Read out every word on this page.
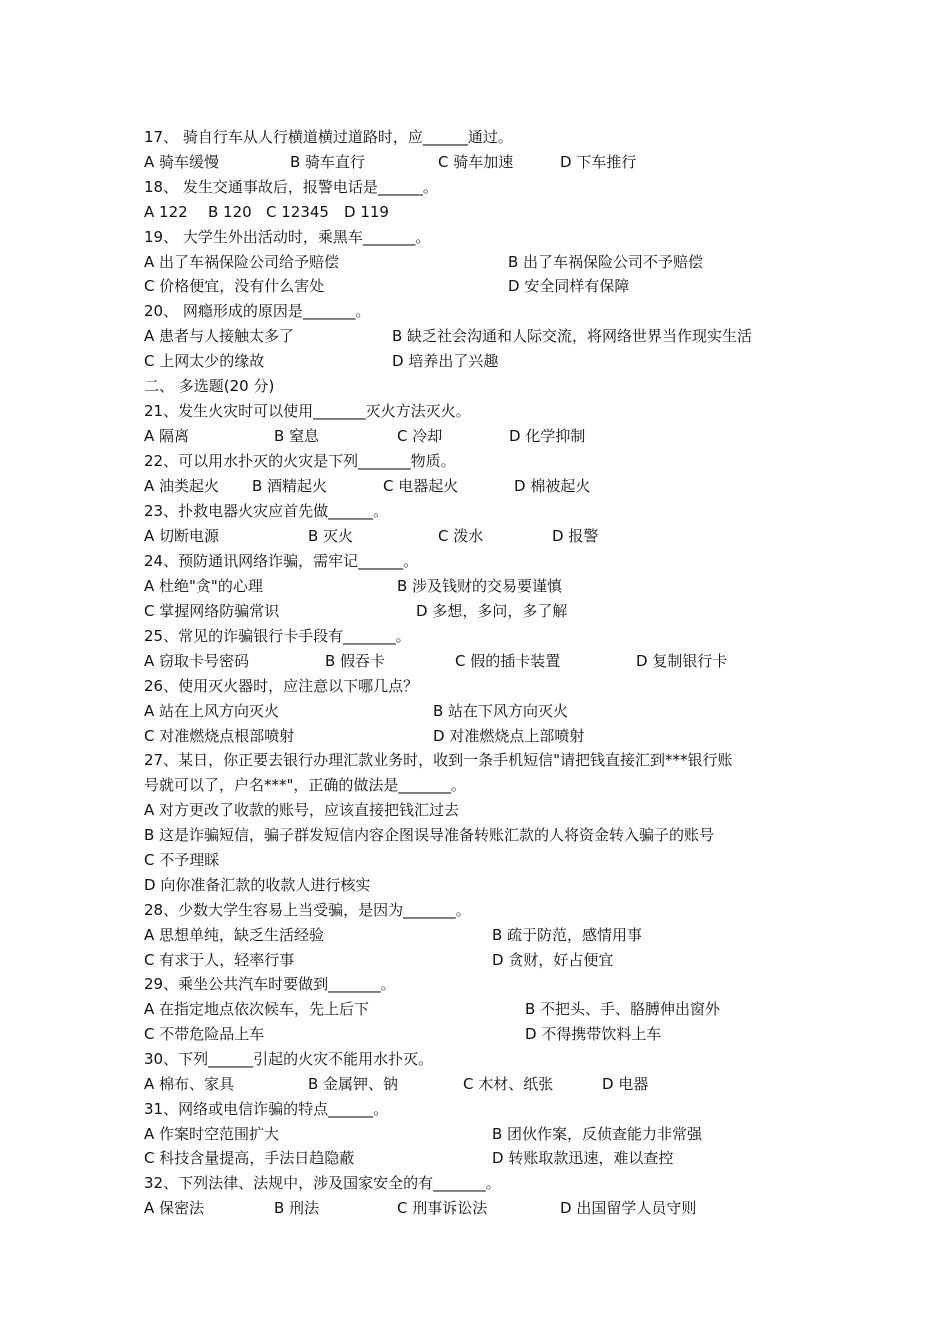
17、 骑自行车从人行横道横过道路时，应______通过。
A 骑车缓慢	B 骑车直行	C 骑车加速	D 下车推行
18、 发生交通事故后，报警电话是______。
A 122 B 120 C 12345 D 119
19、 大学生外出活动时，乘黑车_______。
A 出了车祸保险公司给予赔偿	B 出了车祸保险公司不予赔偿
C 价格便宜，没有什么害处	D 安全同样有保障
20、 网瘾形成的原因是_______。
A 患者与人接触太多了	B 缺乏社会沟通和人际交流，将网络世界当作现实生活
C 上网太少的缘故	D 培养出了兴趣
二、 多选题(20 分)
21、发生火灾时可以使用_______灭火方法灭火。
A 隔离	B 窒息	C 冷却	D 化学抑制
22、可以用水扑灭的火灾是下列_______物质。
A 油类起火 B 酒精起火	C 电器起火	D 棉被起火
23、扑救电器火灾应首先做______。
A 切断电源	B 灭火	C 泼水	D 报警
24、预防通讯网络诈骗，需牢记______。
A 杜绝"贪"的心理	B 涉及钱财的交易要谨慎
C 掌握网络防骗常识	D 多想，多问，多了解
25、常见的诈骗银行卡手段有_______。
A 窃取卡号密码	B 假吞卡	C 假的插卡装置	D 复制银行卡
26、使用灭火器时，应注意以下哪几点？
A 站在上风方向灭火	B 站在下风方向灭火
C 对准燃烧点根部喷射	D 对准燃烧点上部喷射
27、某日，你正要去银行办理汇款业务时，收到一条手机短信"请把钱直接汇到***银行账
号就可以了，户名***"，正确的做法是_______。
A 对方更改了收款的账号，应该直接把钱汇过去
B 这是诈骗短信，骗子群发短信内容企图误导准备转账汇款的人将资金转入骗子的账号
C 不予理睬
D 向你准备汇款的收款人进行核实
28、少数大学生容易上当受骗，是因为_______。
A 思想单纯，缺乏生活经验	B 疏于防范，感情用事
C 有求于人，轻率行事	D 贪财，好占便宜
29、乘坐公共汽车时要做到_______。
A 在指定地点依次候车，先上后下	B 不把头、手、胳膊伸出窗外
C 不带危险品上车	D 不得携带饮料上车
30、下列______引起的火灾不能用水扑灭。
A 棉布、家具	B 金属钾、钠	C 木材、纸张	D 电器
31、网络或电信诈骗的特点______。
A 作案时空范围扩大	B 团伙作案，反侦查能力非常强
C 科技含量提高，手法日趋隐蔽	D 转账取款迅速，难以查控
32、下列法律、法规中，涉及国家安全的有_______。
A 保密法	B 刑法	C 刑事诉讼法	D 出国留学人员守则
